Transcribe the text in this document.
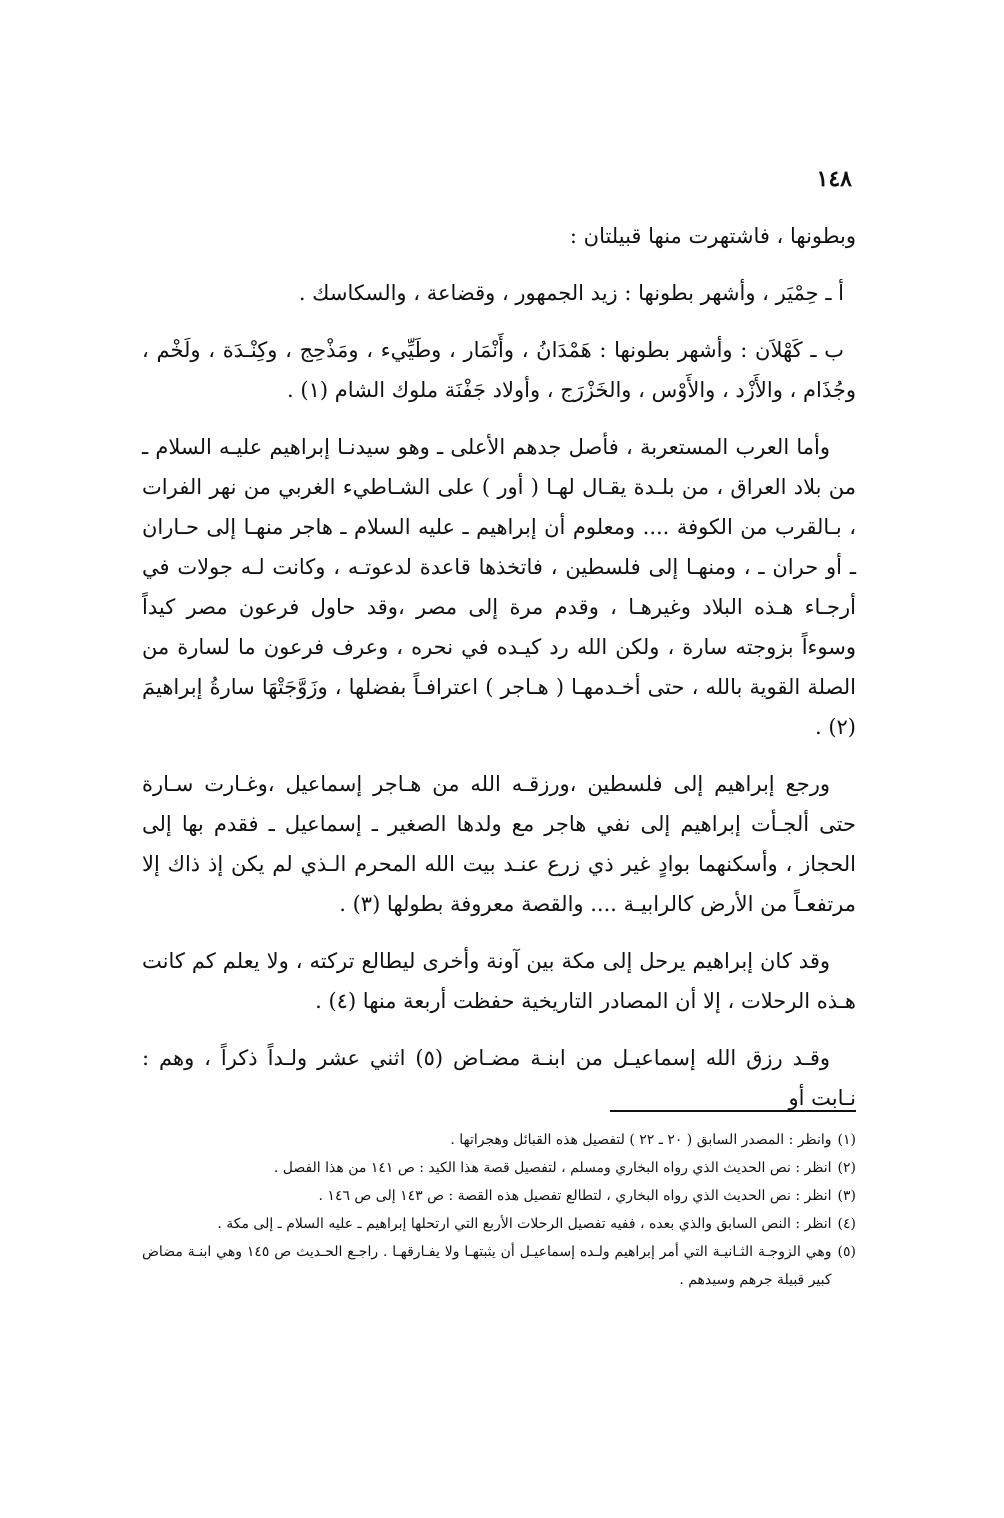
١٤٨

وبطونها ، فاشتهرت منها قبيلتان :

أ ـ حِمْيَر ، وأشهر بطونها : زيد الجمهور ، وقضاعة ، والسكاسك .

ب ـ كَهْلاَن : وأشهر بطونها : هَمْدَانُ ، وأَنْمَار ، وطَيِّيء ، ومَذْحِج ، وكِنْـدَة ، ولَخْم ، وجُذَام ، والأَزْد ، والأَوْس ، والخَزْرَج ، وأولاد جَفْنَة ملوك الشام (١) .

وأما العرب المستعربة ، فأصل جدهم الأعلى ـ وهو سيدنـا إبراهيم عليـه السلام ـ من بلاد العراق ، من بلـدة يقـال لهـا ( أور ) على الشـاطيء الغربي من نهر الفرات ، بـالقرب من الكوفة .... ومعلوم أن إبراهيم ـ عليه السلام ـ هاجر منهـا إلى حـاران ـ أو حران ـ ، ومنهـا إلى فلسطين ، فاتخذها قاعدة لدعوتـه ، وكانت لـه جولات في أرجـاء هـذه البلاد وغيرهـا ، وقدم مرة إلى مصر ،وقد حاول فرعون مصر كيداً وسوءاً بزوجته سارة ، ولكن الله رد كيـده في نحره ، وعرف فرعون ما لسارة من الصلة القوية بالله ، حتى أخـدمهـا ( هـاجر ) اعترافـاً بفضلها ، وزَوَّجَتْهَا سارةُ إبراهيمَ (٢) .

ورجع إبراهيم إلى فلسطين ،ورزقـه الله من هـاجر إسماعيل ،وغـارت سـارة حتى ألجـأت إبراهيم إلى نفي هاجر مع ولدها الصغير ـ إسماعيل ـ فقدم بها إلى الحجاز ، وأسكنهما بوادٍ غير ذي زرع عنـد بيت الله المحرم الـذي لم يكن إذ ذاك إلا مرتفعـاً من الأرض كالرابيـة .... والقصة معروفة بطولها (٣) .

وقد كان إبراهيم يرحل إلى مكة بين آونة وأخرى ليطالع تركته ، ولا يعلم كم كانت هـذه الرحلات ، إلا أن المصادر التاريخية حفظت أربعة منها (٤) .

وقـد رزق الله إسماعيـل من ابنـة مضـاض (٥) اثني عشر ولـداً ذكراً ، وهم : نـابت أو

(١)
وانظر : المصدر السابق ( ٢٠ ـ ٢٢ ) لتفصيل هذه القبائل وهجراتها .
(٢)
انظر : نص الحديث الذي رواه البخاري ومسلم ، لتفصيل قصة هذا الكيد : ص ١٤١ من هذا الفصل .
(٣)
انظر : نص الحديث الذي رواه البخاري ، لتطالع تفصيل هذه القصة : ص ١٤٣ إلى ص ١٤٦ .
(٤)
انظر : النص السابق والذي بعده ، ففيه تفصيل الرحلات الأربع التي ارتحلها إبراهيم ـ عليه السلام ـ إلى مكة .
(٥)
وهي الزوجـة الثـانيـة التي أمر إبراهيم ولـده إسماعيـل أن يثبتهـا ولا يفـارقهـا . راجـع الحـديث ص ١٤٥ وهي ابنـة مضاض كبير قبيلة جرهم وسيدهم .
